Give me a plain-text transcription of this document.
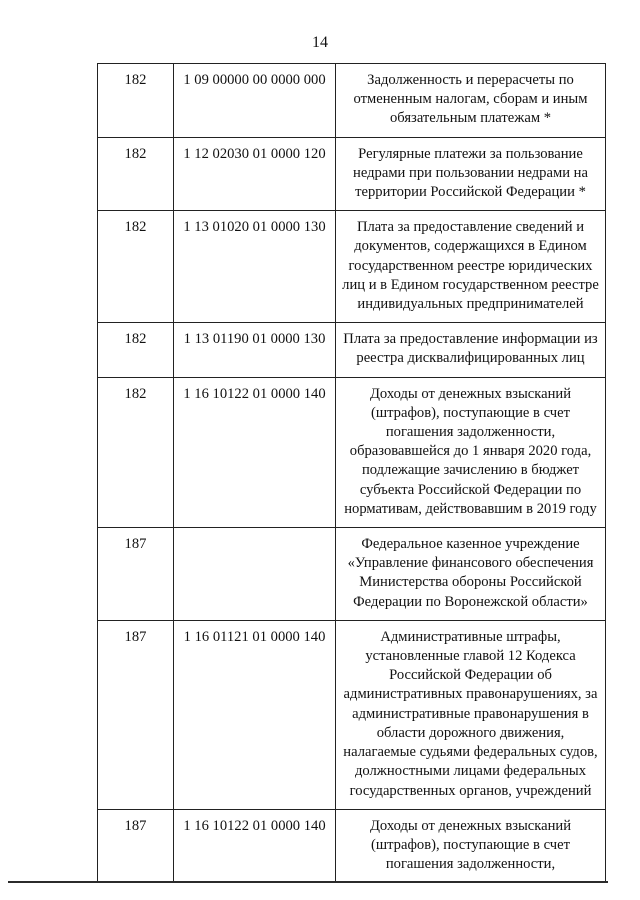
14
182	1 09 00000 00 0000 000	Задолженность и перерасчеты по отмененным налогам, сборам и иным обязательным платежам *
182	1 12 02030 01 0000 120	Регулярные платежи за пользование недрами при пользовании недрами на территории Российской Федерации *
182	1 13 01020 01 0000 130	Плата за предоставление сведений и документов, содержащихся в Едином государственном реестре юридических лиц и в Едином государственном реестре индивидуальных предпринимателей
182	1 13 01190 01 0000 130	Плата за предоставление информации из реестра дисквалифицированных лиц
182	1 16 10122 01 0000 140	Доходы от денежных взысканий (штрафов), поступающие в счет погашения задолженности, образовавшейся до 1 января 2020 года, подлежащие зачислению в бюджет субъекта Российской Федерации по нормативам, действовавшим в 2019 году
187		Федеральное казенное учреждение «Управление финансового обеспечения Министерства обороны Российской Федерации по Воронежской области»
187	1 16 01121 01 0000 140	Административные штрафы, установленные главой 12 Кодекса Российской Федерации об административных правонарушениях, за административные правонарушения в области дорожного движения, налагаемые судьями федеральных судов, должностными лицами федеральных государственных органов, учреждений
187	1 16 10122 01 0000 140	Доходы от денежных взысканий (штрафов), поступающие в счет погашения задолженности,
